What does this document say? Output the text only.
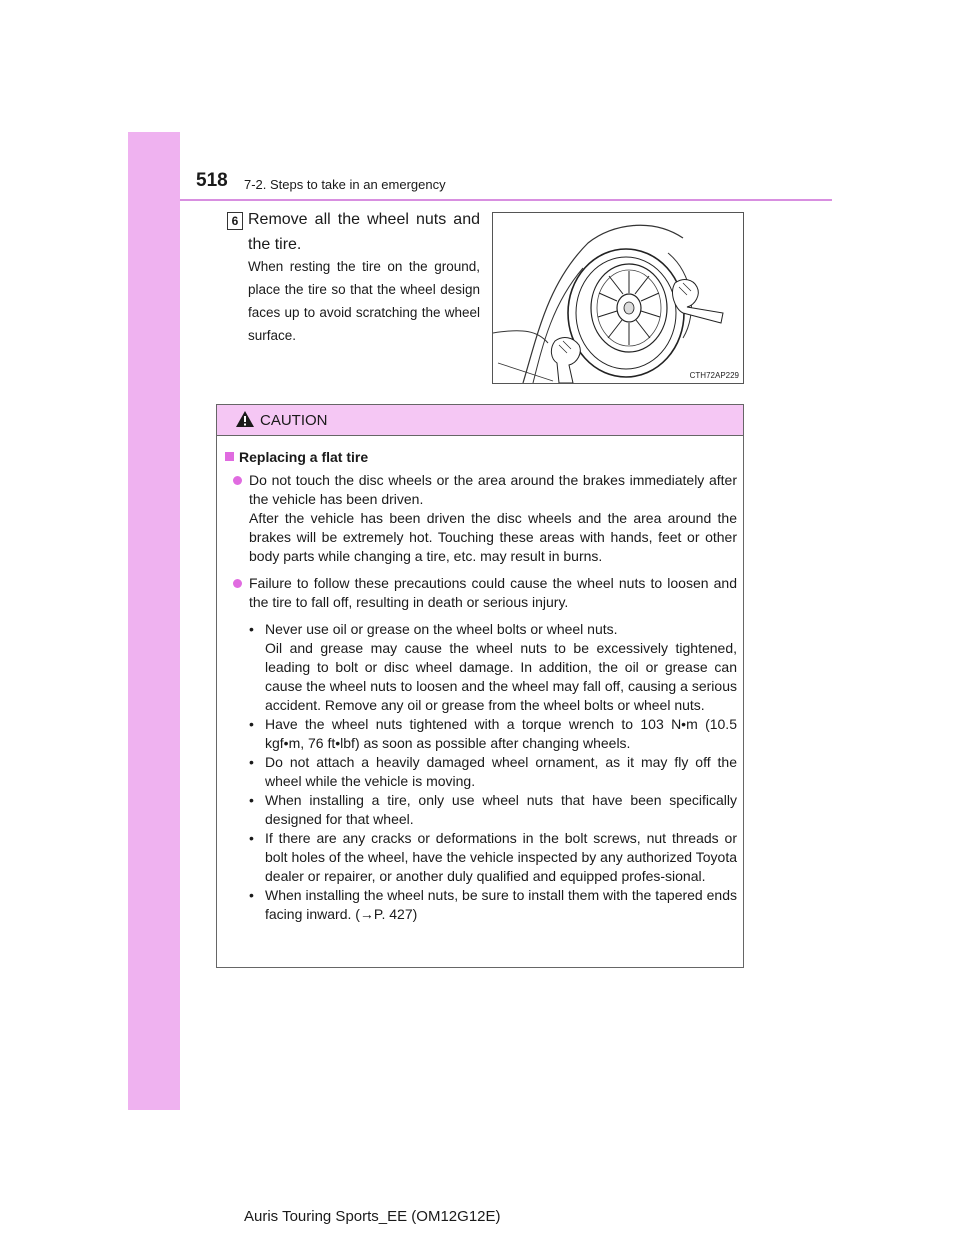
518 7-2. Steps to take in an emergency
6 Remove all the wheel nuts and the tire.
When resting the tire on the ground, place the tire so that the wheel design faces up to avoid scratching the wheel surface.
CTH72AP229
CAUTION
Replacing a flat tire

Do not touch the disc wheels or the area around the brakes immediately after the vehicle has been driven.

After the vehicle has been driven the disc wheels and the area around the brakes will be extremely hot. Touching these areas with hands, feet or other body parts while changing a tire, etc. may result in burns.

Failure to follow these precautions could cause the wheel nuts to loosen and the tire to fall off, resulting in death or serious injury.

• Never use oil or grease on the wheel bolts or wheel nuts.

Oil and grease may cause the wheel nuts to be excessively tightened, leading to bolt or disc wheel damage. In addition, the oil or grease can cause the wheel nuts to loosen and the wheel may fall off, causing a serious accident. Remove any oil or grease from the wheel bolts or wheel nuts.

• Have the wheel nuts tightened with a torque wrench to 103 N•m (10.5 kgf•m, 76 ft•lbf) as soon as possible after changing wheels.

• Do not attach a heavily damaged wheel ornament, as it may fly off the wheel while the vehicle is moving.

• When installing a tire, only use wheel nuts that have been specifically designed for that wheel.

• If there are any cracks or deformations in the bolt screws, nut threads or bolt holes of the wheel, have the vehicle inspected by any authorized Toyota dealer or repairer, or another duly qualified and equipped profes-sional.

• When installing the wheel nuts, be sure to install them with the tapered ends facing inward. (→P. 427)

Auris Touring Sports_EE (OM12G12E)
